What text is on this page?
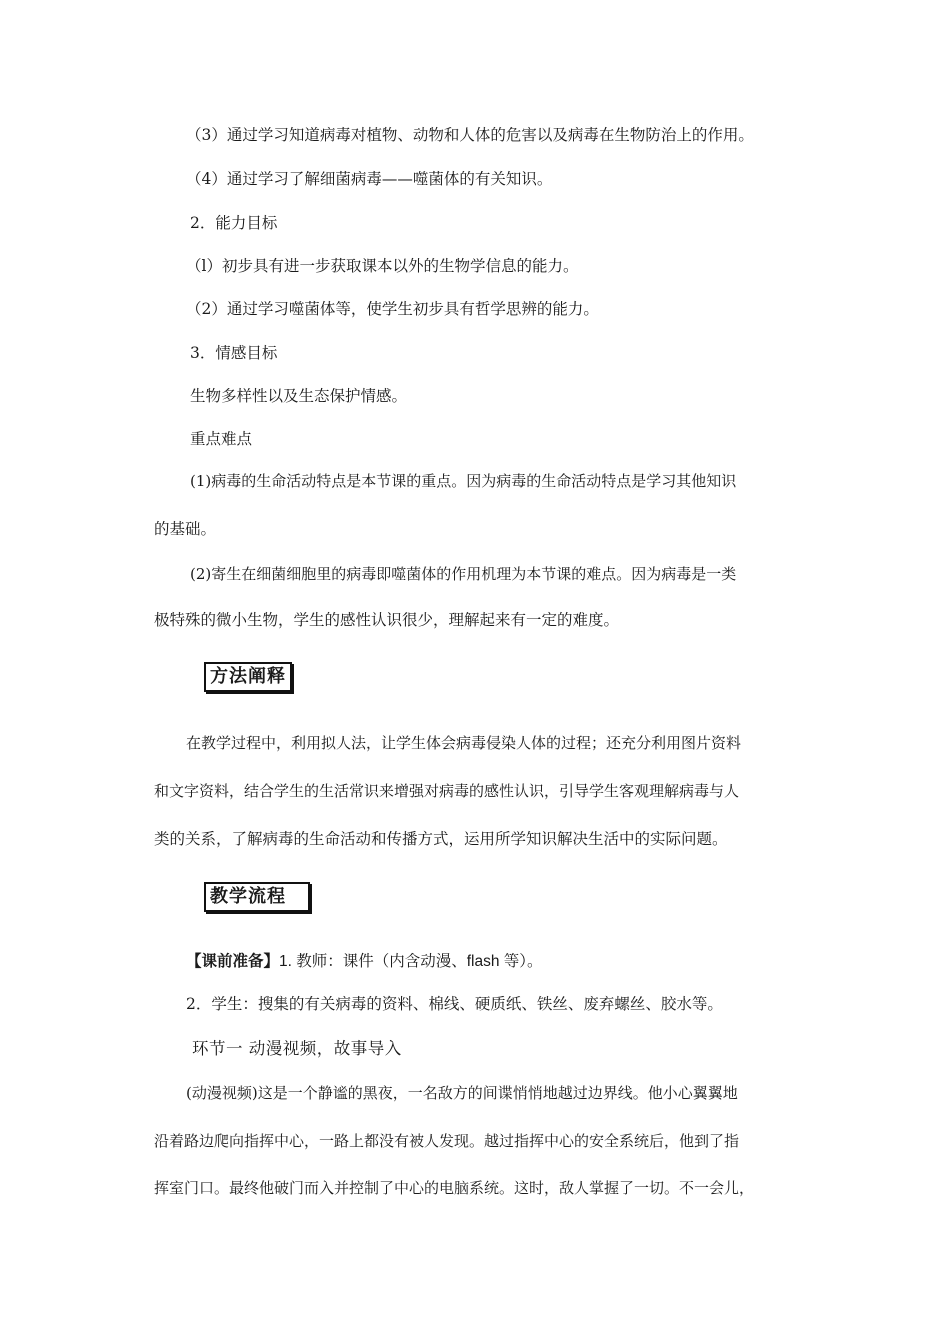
（3）通过学习知道病毒对植物、动物和人体的危害以及病毒在生物防治上的作用。
（4）通过学习了解细菌病毒——噬菌体的有关知识。
2．能力目标
（l）初步具有进一步获取课本以外的生物学信息的能力。
（2）通过学习噬菌体等，使学生初步具有哲学思辨的能力。
3．情感目标
生物多样性以及生态保护情感。
重点难点
(1)病毒的生命活动特点是本节课的重点。因为病毒的生命活动特点是学习其他知识
的基础。
(2)寄生在细菌细胞里的病毒即噬菌体的作用机理为本节课的难点。因为病毒是一类
极特殊的微小生物，学生的感性认识很少，理解起来有一定的难度。
方法阐释
在教学过程中，利用拟人法，让学生体会病毒侵染人体的过程；还充分利用图片资料
和文字资料，结合学生的生活常识来增强对病毒的感性认识，引导学生客观理解病毒与人
类的关系，了解病毒的生命活动和传播方式，运用所学知识解决生活中的实际问题。
教学流程
【课前准备】1. 教师：课件（内含动漫、flash 等）。
2．学生：搜集的有关病毒的资料、棉线、硬质纸、铁丝、废弃螺丝、胶水等。
环节一 动漫视频，故事导入
(动漫视频)这是一个静谧的黑夜，一名敌方的间谍悄悄地越过边界线。他小心翼翼地
沿着路边爬向指挥中心，一路上都没有被人发现。越过指挥中心的安全系统后，他到了指
挥室门口。最终他破门而入并控制了中心的电脑系统。这时，敌人掌握了一切。不一会儿，
